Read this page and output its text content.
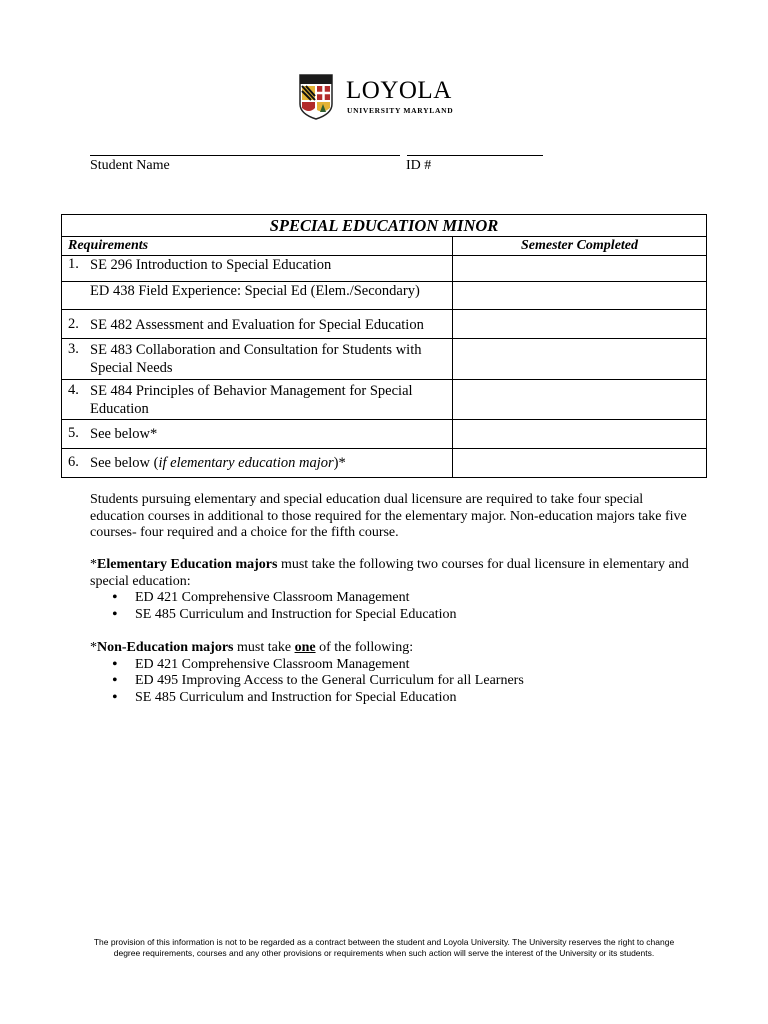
LOYOLA
UNIVERSITY MARYLAND
Student Name	ID #
SPECIAL EDUCATION MINOR	
Requirements	Semester Completed

1. SE 296 Introduction to Special Education	

ED 438 Field Experience: Special Ed (Elem./Secondary)	

2. SE 482 Assessment and Evaluation for Special Education	

3. SE 483 Collaboration and Consultation for Students with Special Needs	

4. SE 484 Principles of Behavior Management for Special Education	

5. See below*	

6. See below (if elementary education major)*	

Students pursuing elementary and special education dual licensure are required to take four special education courses in additional to those required for the elementary major. Non-education majors take five courses- four required and a choice for the fifth course.
*Elementary Education majors must take the following two courses for dual licensure in elementary and special education:
• ED 421 Comprehensive Classroom Management
• SE 485 Curriculum and Instruction for Special Education
*Non-Education majors must take one of the following:
• ED 421 Comprehensive Classroom Management
• ED 495 Improving Access to the General Curriculum for all Learners
• SE 485 Curriculum and Instruction for Special Education
The provision of this information is not to be regarded as a contract between the student and Loyola University. The University reserves the right to change degree requirements, courses and any other provisions or requirements when such action will serve the interest of the University or its students.
